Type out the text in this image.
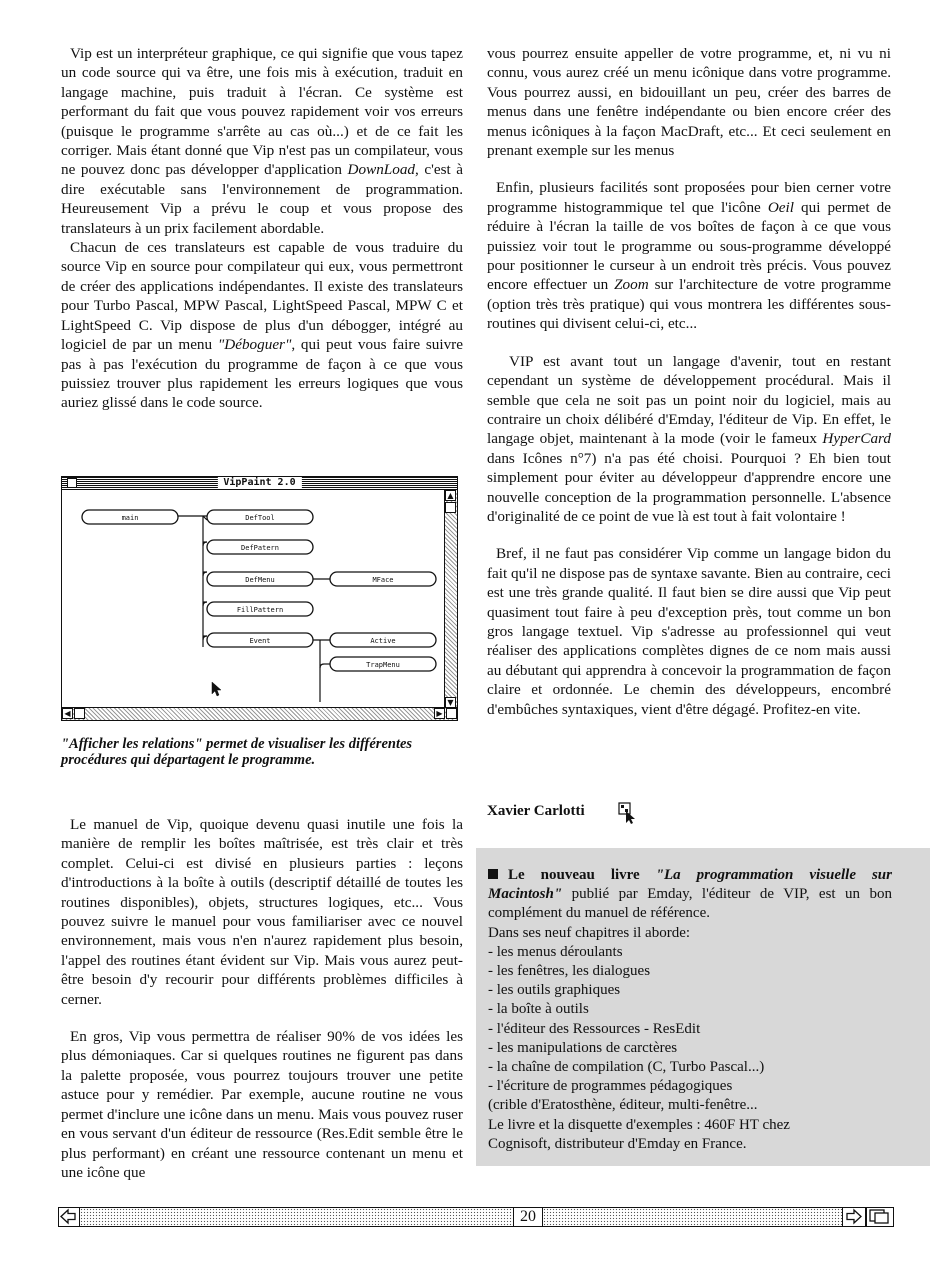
Vip est un interpréteur graphique, ce qui signifie que vous tapez un code source qui va être, une fois mis à exécution, traduit en langage machine, puis traduit à l'écran. Ce système est performant du fait que vous pouvez rapidement voir vos erreurs (puisque le programme s'arrête au cas où...) et de ce fait les corriger. Mais étant donné que Vip n'est pas un compilateur, vous ne pouvez donc pas développer d'application DownLoad, c'est à dire exécutable sans l'environnement de programmation. Heureusement Vip a prévu le coup et vous propose des translateurs à un prix facilement abordable.

Chacun de ces translateurs est capable de vous traduire du source Vip en source pour compilateur qui eux, vous permettront de créer des applications indépendantes. Il existe des translateurs pour Turbo Pascal, MPW Pascal, LightSpeed Pascal, MPW C et LightSpeed C. Vip dispose de plus d'un débogger, intégré au logiciel de par un menu "Déboguer", qui peut vous faire suivre pas à pas l'exécution du programme de façon à ce que vous puissiez trouver plus rapidement les erreurs logiques que vous auriez glissé dans le code source.

VipPaint 2.0
main	DefTool
DefPatern
DefMenu	MFace
FillPattern
Event	Active
TrapMenu
▲
▼
◀	▶
"Afficher les relations" permet de visualiser les différentes procédures qui départagent le programme.

Le manuel de Vip, quoique devenu quasi inutile une fois la manière de remplir les boîtes maîtrisée, est très clair et très complet. Celui-ci est divisé en plusieurs parties : leçons d'introductions à la boîte à outils (descriptif détaillé de toutes les routines disponibles), objets, structures logiques, etc... Vous pouvez suivre le manuel pour vous familiariser avec ce nouvel environnement, mais vous n'en n'aurez rapidement plus besoin, l'appel des routines étant évident sur Vip. Mais vous aurez peut-être besoin d'y recourir pour différents problèmes difficiles à cerner.

En gros, Vip vous permettra de réaliser 90% de vos idées les plus démoniaques. Car si quelques routines ne figurent pas dans la palette proposée, vous pourrez toujours trouver une petite astuce pour y remédier. Par exemple, aucune routine ne vous permet d'inclure une icône dans un menu. Mais vous pouvez ruser en vous servant d'un éditeur de ressource (Res.Edit semble être le plus performant) en créant une ressource contenant un menu et une icône que

vous pourrez ensuite appeller de votre programme, et, ni vu ni connu, vous aurez créé un menu icônique dans votre programme. Vous pourrez aussi, en bidouillant un peu, créer des barres de menus dans une fenêtre indépendante ou bien encore créer des menus icôniques à la façon MacDraft, etc... Et ceci seulement en prenant exemple sur les menus

Enfin, plusieurs facilités sont proposées pour bien cerner votre programme histogrammique tel que l'icône Oeil qui permet de réduire à l'écran la taille de vos boîtes de façon à ce que vous puissiez voir tout le programme ou sous-programme développé pour positionner le curseur à un endroit très précis. Vous pouvez encore effectuer un Zoom sur l'architecture de votre programme (option très très pratique) qui vous montrera les différentes sous-routines qui divisent celui-ci, etc...

VIP est avant tout un langage d'avenir, tout en restant cependant un système de développement procédural. Mais il semble que cela ne soit pas un point noir du logiciel, mais au contraire un choix délibéré d'Emday, l'éditeur de Vip. En effet, le langage objet, maintenant à la mode (voir le fameux HyperCard dans Icônes n°7) n'a pas été choisi. Pourquoi ? Eh bien tout simplement pour éviter au développeur d'apprendre encore une nouvelle conception de la programmation personnelle. L'absence d'originalité de ce point de vue là est tout à fait volontaire !

Bref, il ne faut pas considérer Vip comme un langage bidon du fait qu'il ne dispose pas de syntaxe savante. Bien au contraire, ceci est une très grande qualité. Il faut bien se dire aussi que Vip peut quasiment tout faire à peu d'exception près, tout comme un bon gros langage textuel. Vip s'adresse au professionnel qui veut réaliser des applications complètes dignes de ce nom mais aussi au débutant qui apprendra à concevoir la programmation de façon claire et ordonnée. Le chemin des développeurs, encombré d'embûches syntaxiques, vient d'être dégagé. Profitez-en vite.

Xavier Carlotti

Le nouveau livre "La programmation visuelle sur Macintosh" publié par Emday, l'éditeur de VIP, est un bon complément du manuel de référence.

Dans ses neuf chapitres il aborde:

- les menus déroulants

- les fenêtres, les dialogues

- les outils graphiques

- la boîte à outils

- l'éditeur des Ressources - ResEdit

- les manipulations de carctères

- la chaîne de compilation (C, Turbo Pascal...)

- l'écriture de programmes pédagogiques

(crible d'Eratosthène, éditeur, multi-fenêtre...

Le livre et la disquette d'exemples : 460F HT chez

Cognisoft, distributeur d'Emday en France.

20
